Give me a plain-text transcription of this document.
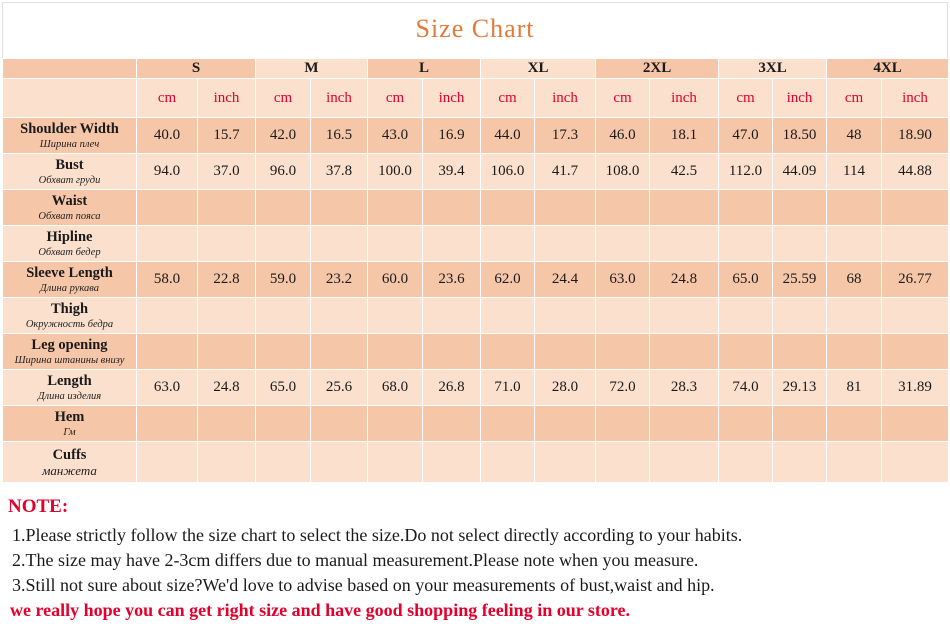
Size Chart
	S		M		L		XL		2XL		3XL		4XL	
	cm	inch	cm	inch	cm	inch	cm	inch	cm	inch	cm	inch	cm	inch

Shoulder Width
Ширина плеч	40.0	15.7	42.0	16.5	43.0	16.9	44.0	17.3	46.0	18.1	47.0	18.50	48	18.90

Bust
Обхват груди	94.0	37.0	96.0	37.8	100.0	39.4	106.0	41.7	108.0	42.5	112.0	44.09	114	44.88

Waist
Обхват пояса														

Hipline
Обхват бедер														

Sleeve Length
Длина рукава	58.0	22.8	59.0	23.2	60.0	23.6	62.0	24.4	63.0	24.8	65.0	25.59	68	26.77

Thigh
Окружность бедра														

Leg opening
Ширина штанины внизу														

Length
Длина изделия	63.0	24.8	65.0	25.6	68.0	26.8	71.0	28.0	72.0	28.3	74.0	29.13	81	31.89

Hem
Гм														

Cuffs
манжета														

NOTE:
1.Please strictly follow the size chart to select the size.Do not select directly according to your habits.
2.The size may have 2-3cm differs due to manual measurement.Please note when you measure.
3.Still not sure about size?We'd love to advise based on your measurements of bust,waist and hip.
we really hope you can get right size and have good shopping feeling in our store.
